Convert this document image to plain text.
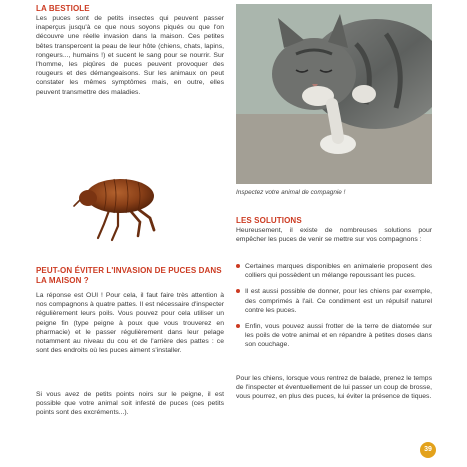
LA BESTIOLE

Les puces sont de petits insectes qui peuvent passer inaperçus jusqu'à ce que nous soyons piqués ou que l'on découvre une réelle invasion dans la maison. Ces petites bêtes transpercent la peau de leur hôte (chiens, chats, lapins, rongeurs..., humains !) et sucent le sang pour se nourrir. Sur l'homme, les piqûres de puces peuvent provoquer des rougeurs et des démangeaisons. Sur les animaux on peut constater les mêmes symptômes mais, en outre, elles peuvent transmettre des maladies.

PEUT-ON ÉVITER L'INVASION DE PUCES DANS LA MAISON ?

La réponse est OUI ! Pour cela, il faut faire très attention à nos compagnons à quatre pattes. Il est nécessaire d'inspecter régulièrement leurs poils. Vous pouvez pour cela utiliser un peigne fin (type peigne à poux que vous trouverez en pharmacie) et le passer régulièrement dans leur pelage notamment au niveau du cou et de l'arrière des pattes : ce sont des endroits où les puces aiment s'installer.

Si vous avez de petits points noirs sur le peigne, il est possible que votre animal soit infesté de puces (ces petits points sont des excréments...).

Inspectez votre animal de compagnie !
LES SOLUTIONS

Heureusement, il existe de nombreuses solutions pour empêcher les puces de venir se mettre sur vos compagnons :

Certaines marques disponibles en animalerie proposent des colliers qui possèdent un mélange repoussant les puces.
Il est aussi possible de donner, pour les chiens par exemple, des comprimés à l'ail. Ce condiment est un répulsif naturel contre les puces.
Enfin, vous pouvez aussi frotter de la terre de diatomée sur les poils de votre animal et en répandre à petites doses dans son couchage.

Pour les chiens, lorsque vous rentrez de balade, prenez le temps de l'inspecter et éventuellement de lui passer un coup de brosse, vous pourrez, en plus des puces, lui éviter la présence de tiques.

39
